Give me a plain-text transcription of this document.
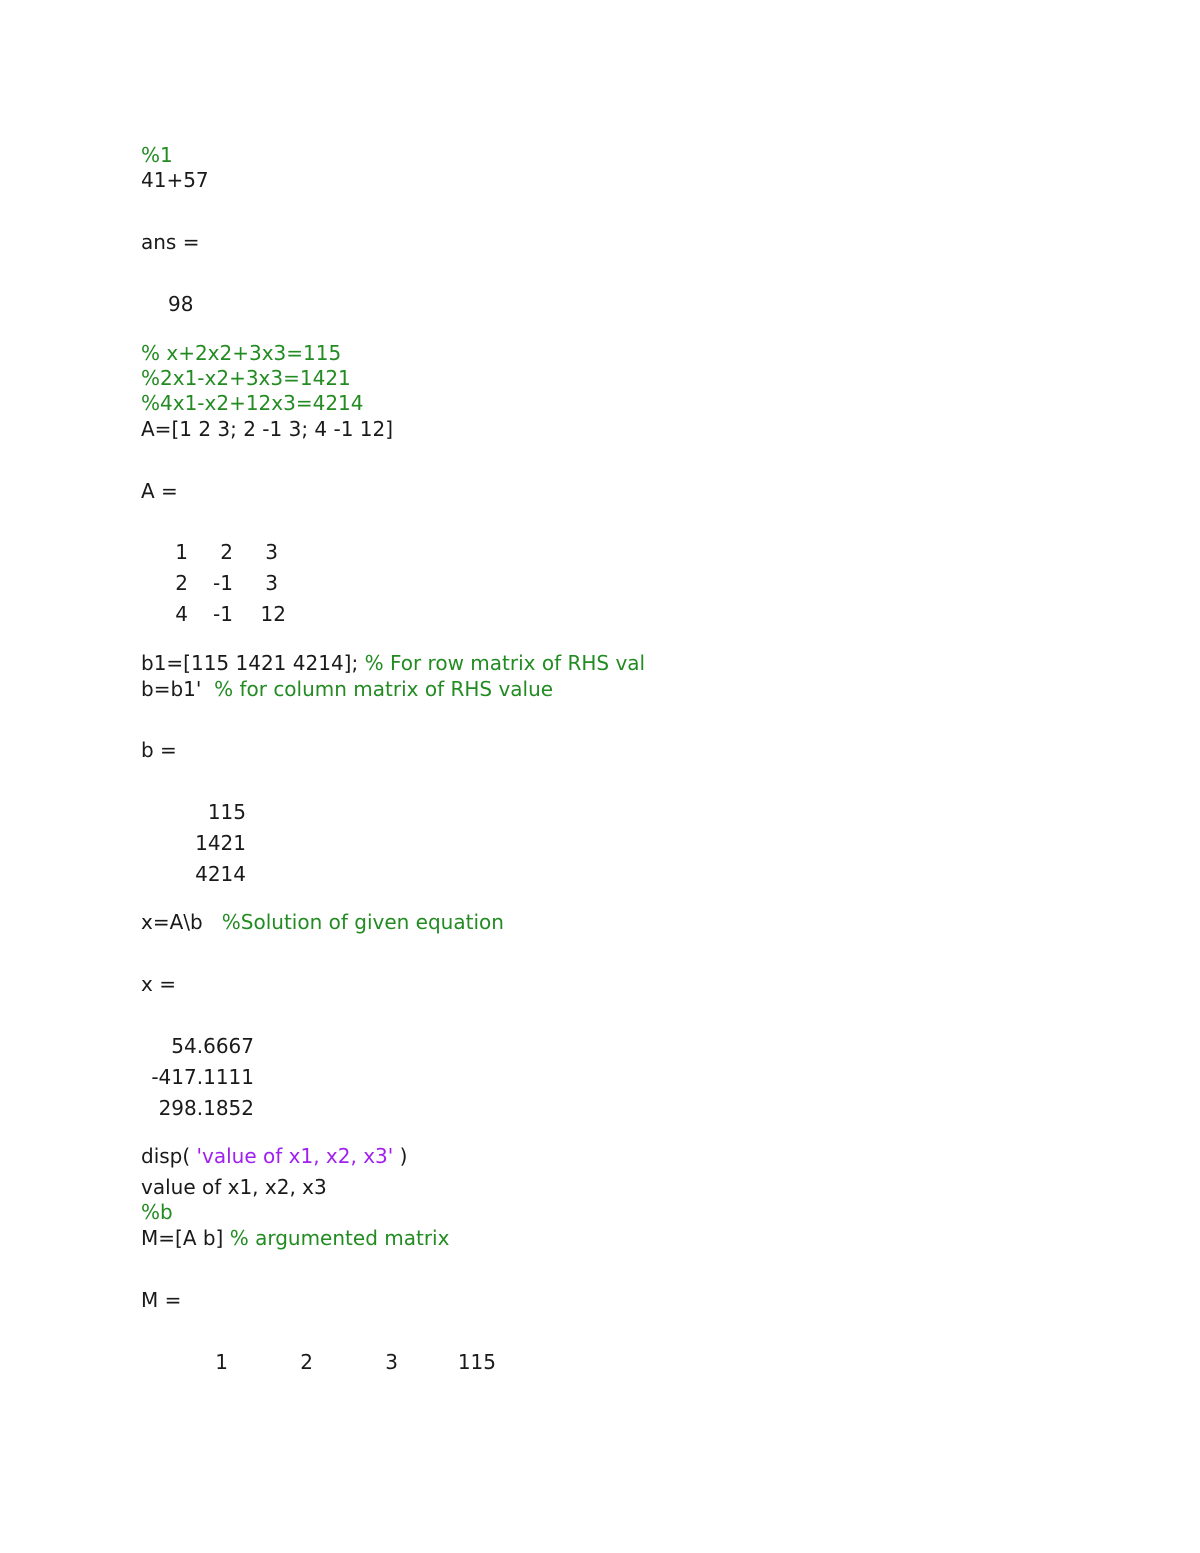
%1
41+57
ans =
98
% x+2x2+3x3=115
%2x1-x2+3x3=1421
%4x1-x2+12x3=4214
A=[1 2 3; 2 -1 3; 4 -1 12]
A =
1	2	3
2	-1	3
4	-1	12
b1=[115 1421 4214]; % For row matrix of RHS val
b=b1'  % for column matrix of RHS value
b =
115
1421
4214
x=A\b   %Solution of given equation
x =
54.6667
-417.1111
298.1852
disp( 'value of x1, x2, x3' )
value of x1, x2, x3
%b
M=[A b] % argumented matrix
M =
1	2	3	115
